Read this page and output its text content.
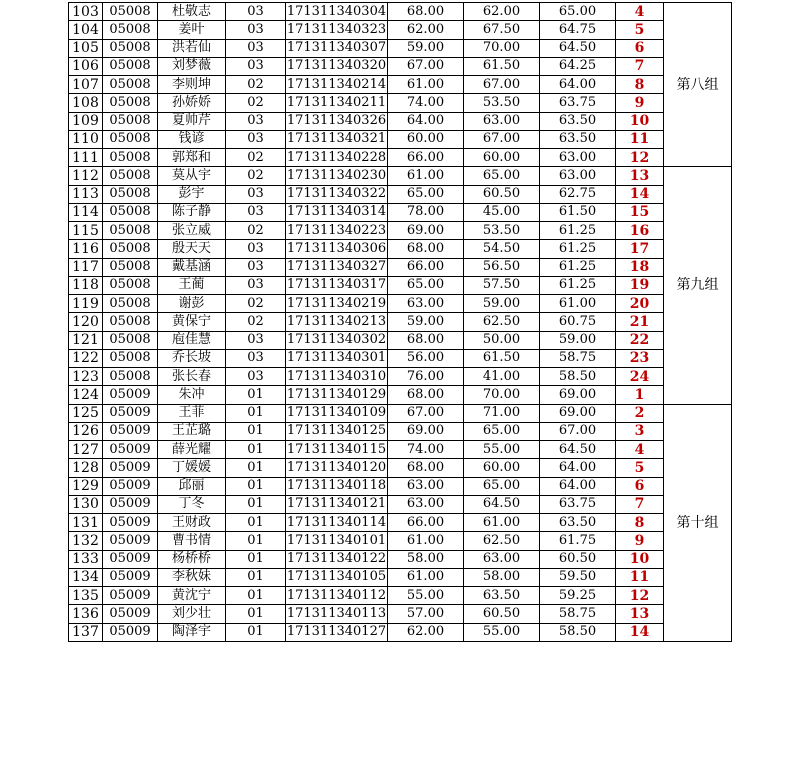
103	05008	杜敬志	03	171311340304	68.00	62.00	65.00	4	第八组
104	05008	姜叶	03	171311340323	62.00	67.50	64.75	5	
105	05008	洪若仙	03	171311340307	59.00	70.00	64.50	6	
106	05008	刘梦薇	03	171311340320	67.00	61.50	64.25	7	
107	05008	李则坤	02	171311340214	61.00	67.00	64.00	8	
108	05008	孙娇娇	02	171311340211	74.00	53.50	63.75	9	
109	05008	夏帅芹	03	171311340326	64.00	63.00	63.50	10	
110	05008	钱谚	03	171311340321	60.00	67.00	63.50	11	
111	05008	郭郑和	02	171311340228	66.00	60.00	63.00	12	
112	05008	莫从宇	02	171311340230	61.00	65.00	63.00	13	第九组
113	05008	彭宇	03	171311340322	65.00	60.50	62.75	14	
114	05008	陈子静	03	171311340314	78.00	45.00	61.50	15	
115	05008	张立威	02	171311340223	69.00	53.50	61.25	16	
116	05008	殷天天	03	171311340306	68.00	54.50	61.25	17	
117	05008	戴基涵	03	171311340327	66.00	56.50	61.25	18	
118	05008	王蔺	03	171311340317	65.00	57.50	61.25	19	
119	05008	谢彭	02	171311340219	63.00	59.00	61.00	20	
120	05008	黄保宁	02	171311340213	59.00	62.50	60.75	21	
121	05008	庖佳慧	03	171311340302	68.00	50.00	59.00	22	
122	05008	乔长坡	03	171311340301	56.00	61.50	58.75	23	
123	05008	张长春	03	171311340310	76.00	41.00	58.50	24	
124	05009	朱冲	01	171311340129	68.00	70.00	69.00	1	
125	05009	王菲	01	171311340109	67.00	71.00	69.00	2	第十组
126	05009	王芷璐	01	171311340125	69.00	65.00	67.00	3	
127	05009	薛光耀	01	171311340115	74.00	55.00	64.50	4	
128	05009	丁媛媛	01	171311340120	68.00	60.00	64.00	5	
129	05009	邱丽	01	171311340118	63.00	65.00	64.00	6	
130	05009	丁冬	01	171311340121	63.00	64.50	63.75	7	
131	05009	王财政	01	171311340114	66.00	61.00	63.50	8	
132	05009	曹书情	01	171311340101	61.00	62.50	61.75	9	
133	05009	杨桥桥	01	171311340122	58.00	63.00	60.50	10	
134	05009	李秋妹	01	171311340105	61.00	58.00	59.50	11	
135	05009	黄沈宁	01	171311340112	55.00	63.50	59.25	12	
136	05009	刘少壮	01	171311340113	57.00	60.50	58.75	13	
137	05009	陶泽宇	01	171311340127	62.00	55.00	58.50	14	
